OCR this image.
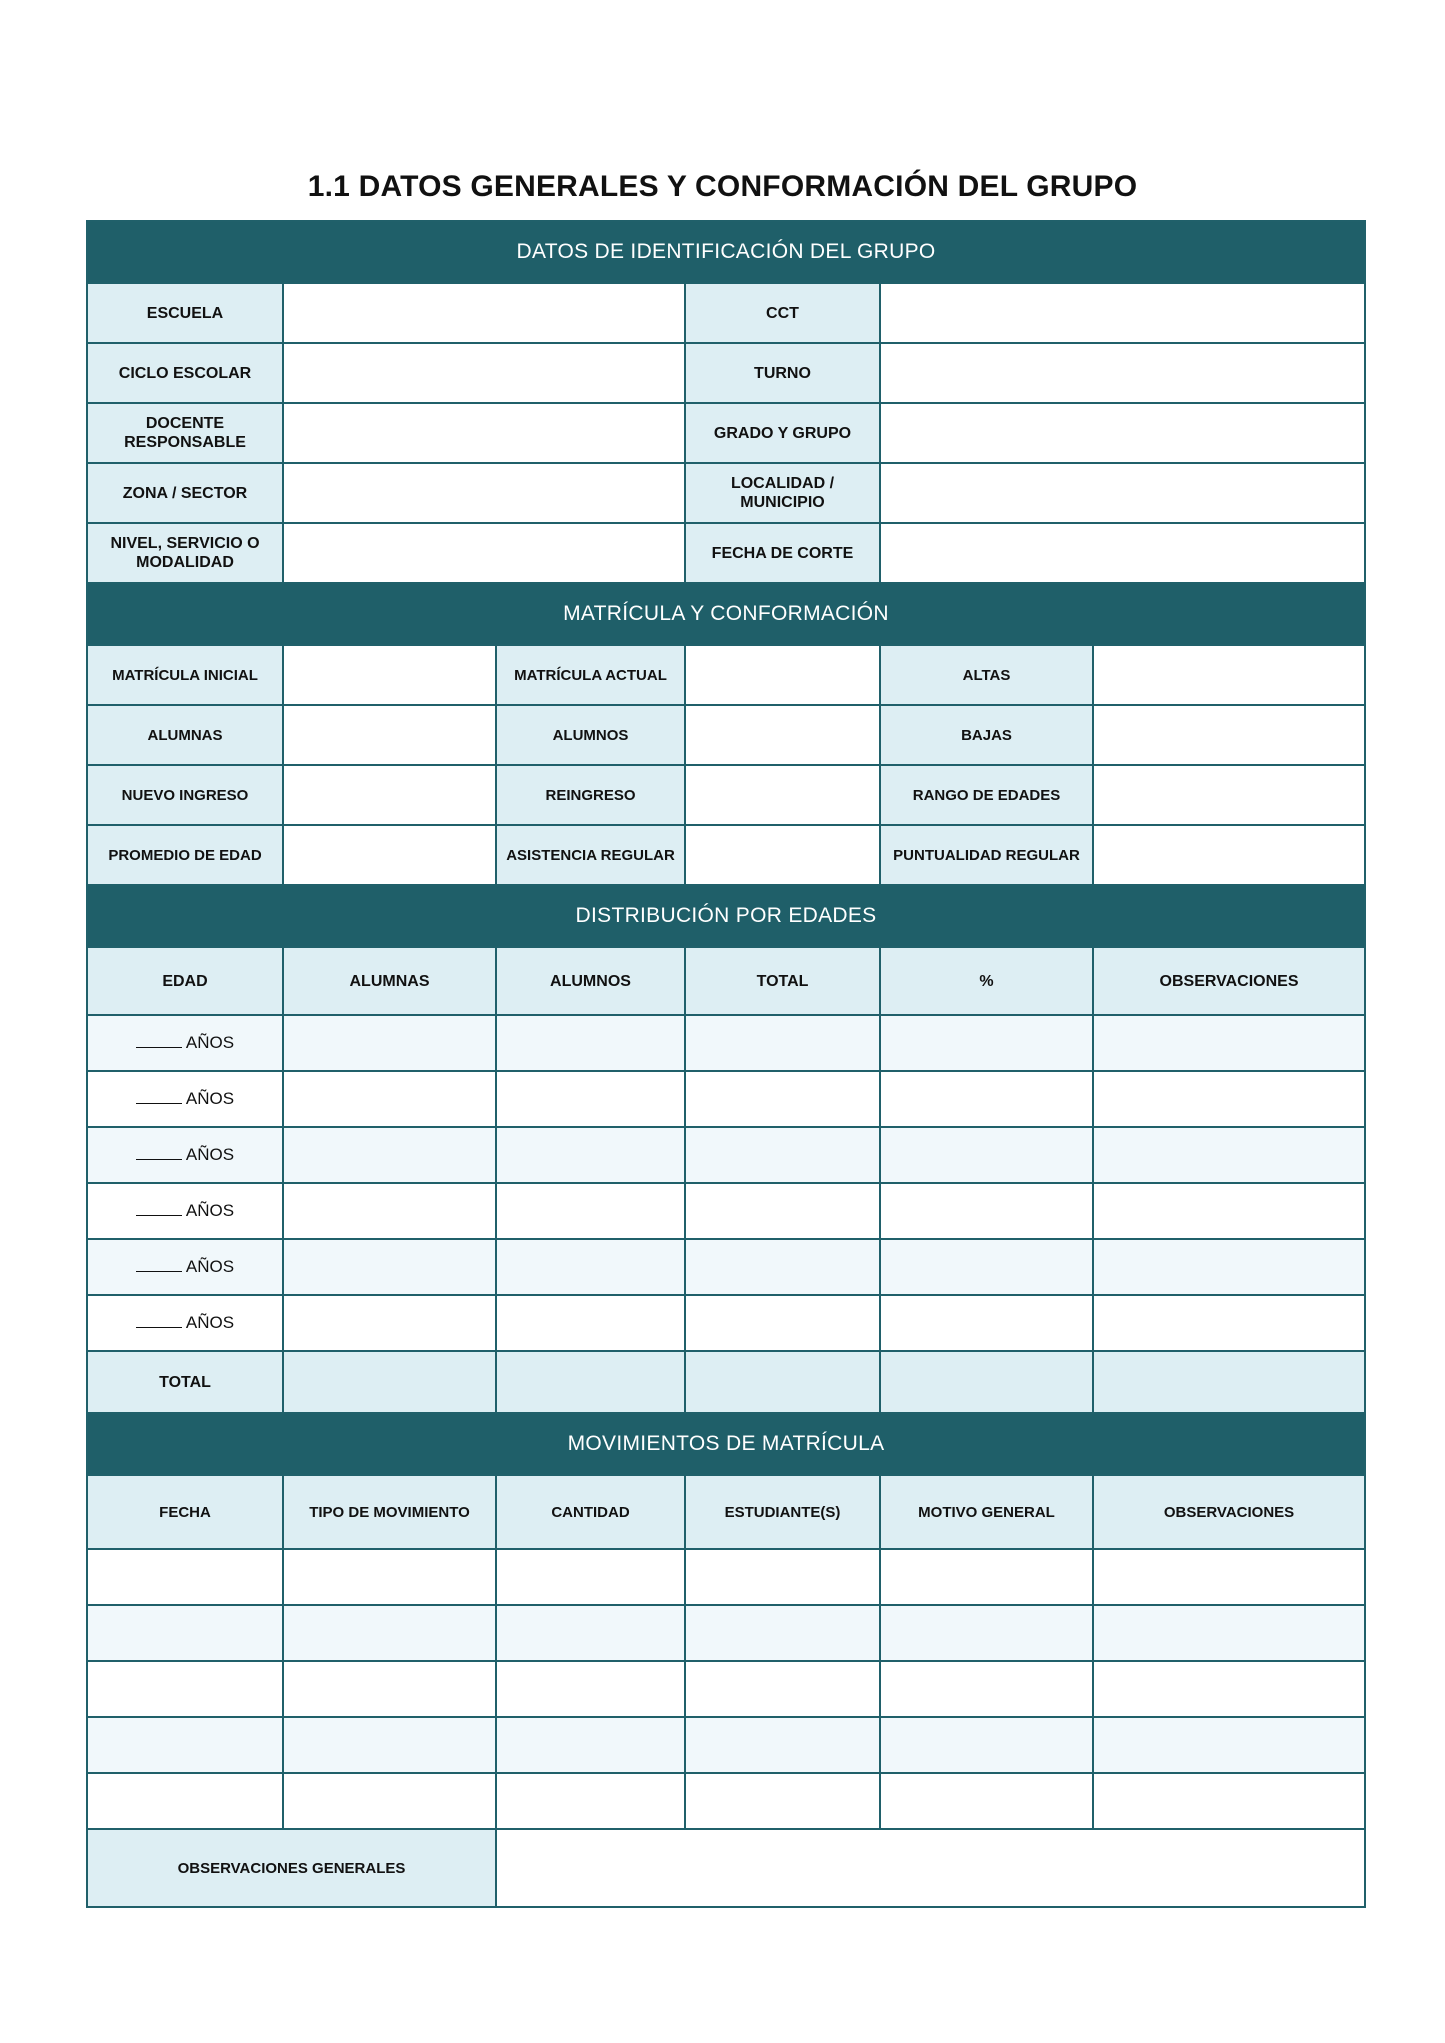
1.1 DATOS GENERALES Y CONFORMACIÓN DEL GRUPO
DATOS DE IDENTIFICACIÓN DEL GRUPO					
ESCUELA			CCT		
CICLO ESCOLAR			TURNO		
DOCENTE RESPONSABLE			GRADO Y GRUPO		
ZONA / SECTOR			LOCALIDAD / MUNICIPIO		
NIVEL, SERVICIO O MODALIDAD			FECHA DE CORTE		
MATRÍCULA Y CONFORMACIÓN					
MATRÍCULA INICIAL		MATRÍCULA ACTUAL		ALTAS	
ALUMNAS		ALUMNOS		BAJAS	
NUEVO INGRESO		REINGRESO		RANGO DE EDADES	
PROMEDIO DE EDAD		ASISTENCIA REGULAR		PUNTUALIDAD REGULAR	
DISTRIBUCIÓN POR EDADES					
EDAD	ALUMNAS	ALUMNOS	TOTAL	%	OBSERVACIONES
AÑOS					
AÑOS					
AÑOS					
AÑOS					
AÑOS					
AÑOS					
TOTAL					
MOVIMIENTOS DE MATRÍCULA					
FECHA	TIPO DE MOVIMIENTO	CANTIDAD	ESTUDIANTE(S)	MOTIVO GENERAL	OBSERVACIONES

OBSERVACIONES GENERALES					
